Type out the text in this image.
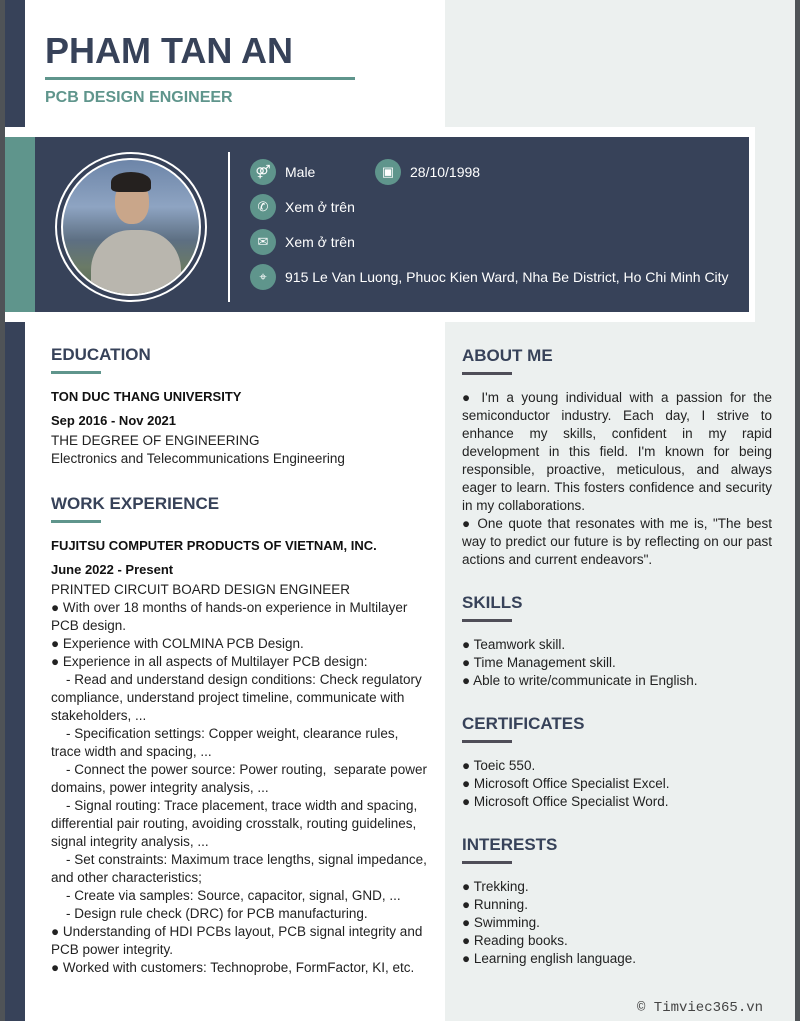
PHAM TAN AN
PCB DESIGN ENGINEER
⚤	Male	▣	28/10/1998
✆	Xem ở trên
✉	Xem ở trên
⌖	915 Le Van Luong, Phuoc Kien Ward, Nha Be District, Ho Chi Minh City
EDUCATION
TON DUC THANG UNIVERSITY
Sep 2016 - Nov 2021
THE DEGREE OF ENGINEERING
Electronics and Telecommunications Engineering
WORK EXPERIENCE
FUJITSU COMPUTER PRODUCTS OF VIETNAM, INC.
June 2022 - Present
PRINTED CIRCUIT BOARD DESIGN ENGINEER
● With over 18 months of hands-on experience in Multilayer PCB design.
● Experience with COLMINA PCB Design.
● Experience in all aspects of Multilayer PCB design:
- Read and understand design conditions: Check regulatory compliance, understand project timeline, communicate with stakeholders, ...
- Specification settings: Copper weight, clearance rules, trace width and spacing, ...
- Connect the power source: Power routing,  separate power domains, power integrity analysis, ...
- Signal routing: Trace placement, trace width and spacing, differential pair routing, avoiding crosstalk, routing guidelines, signal integrity analysis, ...
- Set constraints: Maximum trace lengths, signal impedance, and other characteristics;
- Create via samples: Source, capacitor, signal, GND, ...
- Design rule check (DRC) for PCB manufacturing.
● Understanding of HDI PCBs layout, PCB signal integrity and PCB power integrity.
● Worked with customers: Technoprobe, FormFactor, KI, etc.
ABOUT ME
● I'm a young individual with a passion for the semiconductor industry. Each day, I strive to enhance my skills, confident in my rapid development in this field. I'm known for being responsible, proactive, meticulous, and always eager to learn. This fosters confidence and security in my collaborations.
● One quote that resonates with me is, "The best way to predict our future is by reflecting on our past actions and current endeavors".
SKILLS
● Teamwork skill.
● Time Management skill.
● Able to write/communicate in English.
CERTIFICATES
● Toeic 550.
● Microsoft Office Specialist Excel.
● Microsoft Office Specialist Word.
INTERESTS
● Trekking.
● Running.
● Swimming.
● Reading books.
● Learning english language.
© Timviec365.vn
